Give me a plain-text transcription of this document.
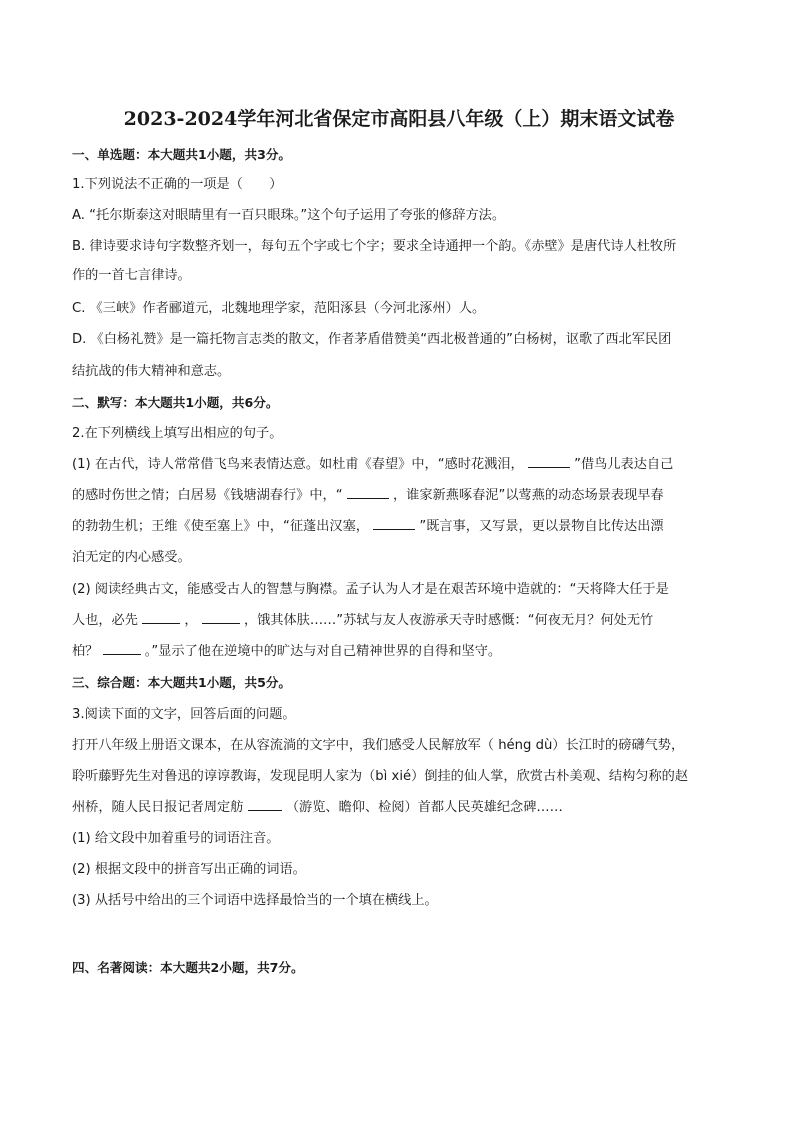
2023-2024学年河北省保定市高阳县八年级（上）期末语文试卷
一、单选题：本大题共1小题，共3分。
1.下列说法不正确的一项是（　　）
A. “托尔斯泰这对眼睛里有一百只眼珠。”这个句子运用了夸张的修辞方法。
B. 律诗要求诗句字数整齐划一，每句五个字或七个字；要求全诗通押一个韵。《赤壁》是唐代诗人杜牧所
作的一首七言律诗。
C. 《三峡》作者郦道元，北魏地理学家，范阳涿县（今河北涿州）人。
D. 《白杨礼赞》是一篇托物言志类的散文，作者茅盾借赞美“西北极普通的”白杨树，讴歌了西北军民团
结抗战的伟大精神和意志。
二、默写：本大题共1小题，共6分。
2.在下列横线上填写出相应的句子。
(1) 在古代，诗人常常借飞鸟来表情达意。如杜甫《春望》中，“感时花溅泪，	”借鸟儿表达自己
的感时伤世之情；白居易《钱塘湖春行》中，“	，谁家新燕啄春泥”以莺燕的动态场景表现早春
的勃勃生机；王维《使至塞上》中，“征蓬出汉塞，	”既言事，又写景，更以景物自比传达出漂
泊无定的内心感受。
(2) 阅读经典古文，能感受古人的智慧与胸襟。孟子认为人才是在艰苦环境中造就的：“天将降大任于是
人也，必先	，	，饿其体肤……”苏轼与友人夜游承天寺时感慨：“何夜无月？何处无竹
柏？	。”显示了他在逆境中的旷达与对自己精神世界的自得和坚守。
三、综合题：本大题共1小题，共5分。
3.阅读下面的文字，回答后面的问题。
打开八年级上册语文课本，在从容流淌的文字中，我们感受人民解放军（ héng dù）长江时的磅礴气势，
聆听藤野先生对鲁迅的谆谆教诲，发现昆明人家为（bì xié）倒挂的仙人掌，欣赏古朴美观、结构匀称的赵
州桥，随人民日报记者周定舫	（游览、瞻仰、检阅）首都人民英雄纪念碑……
(1) 给文段中加着重号的词语注音。
(2) 根据文段中的拼音写出正确的词语。
(3) 从括号中给出的三个词语中选择最恰当的一个填在横线上。
四、名著阅读：本大题共2小题，共7分。
